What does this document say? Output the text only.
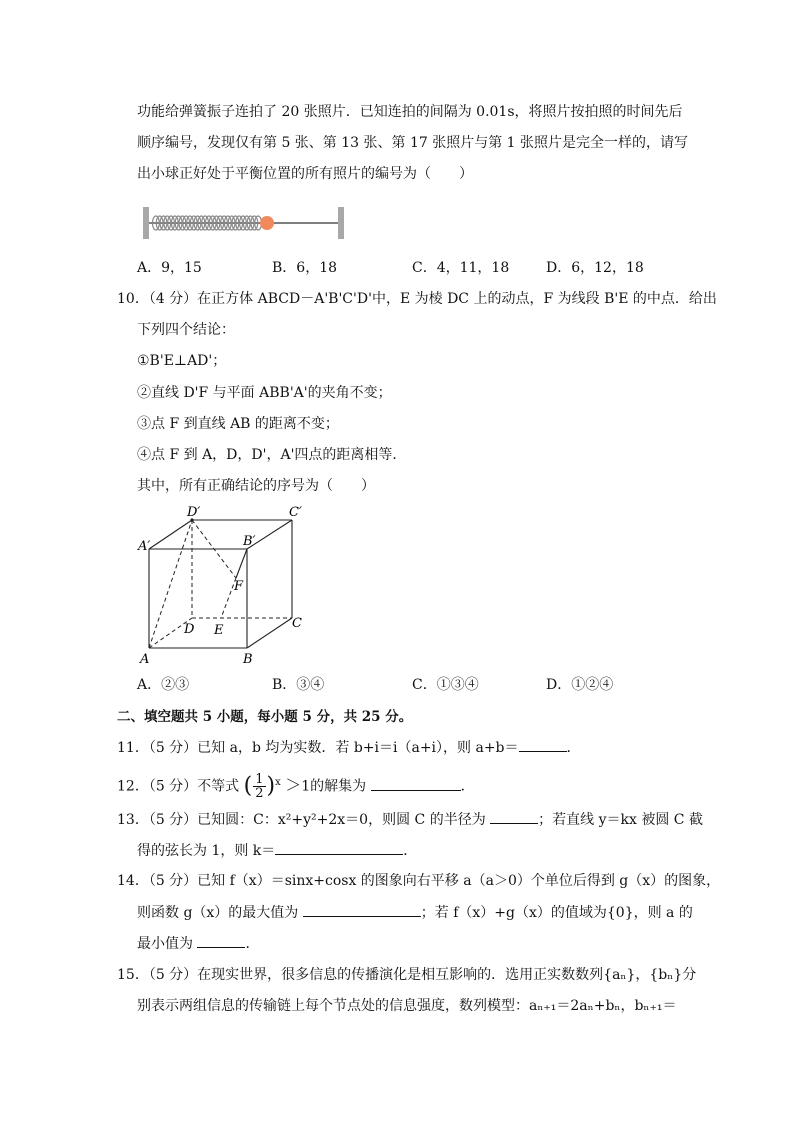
功能给弹簧振子连拍了 20 张照片．已知连拍的间隔为 0.01s，将照片按拍照的时间先后
顺序编号，发现仅有第 5 张、第 13 张、第 17 张照片与第 1 张照片是完全一样的，请写
出小球正好处于平衡位置的所有照片的编号为（　　）
A．9，15	B．6，18	C．4，11，18	D．6，12，18
10．（4 分）在正方体 ABCD－A'B'C'D'中，E 为棱 DC 上的动点，F 为线段 B'E 的中点．给出
下列四个结论：
①B'E⊥AD'；
②直线 D'F 与平面 ABB'A'的夹角不变；
③点 F 到直线 AB 的距离不变；
④点 F 到 A，D，D'，A'四点的距离相等．
其中，所有正确结论的序号为（　　）
D′	C′
A′	B′
F
D E	C
A	B
A．②③	B．③④	C．①③④	D．①②④
二、填空题共 5 小题，每小题 5 分，共 25 分。
11．（5 分）已知 a，b 均为实数．若 b+i＝i（a+i），则 a+b＝	．
12．（5 分）不等式 ( $\frac{1}{2} )^x >1$的解集为	．
13．（5 分）已知圆：C：x²+y²+2x＝0，则圆 C 的半径为	；若直线 y＝kx 被圆 C 截
得的弦长为 1，则 k＝	．
14．（5 分）已知 f（x）＝sinx+cosx 的图象向右平移 a（a＞0）个单位后得到 g（x）的图象，
则函数 g（x）的最大值为	；若 f（x）+g（x）的值域为{0}，则 a 的
最小值为	．
15．（5 分）在现实世界，很多信息的传播演化是相互影响的．选用正实数数列{aₙ}，{bₙ}分
别表示两组信息的传输链上每个节点处的信息强度，数列模型：aₙ₊₁＝2aₙ+bₙ，bₙ₊₁＝
